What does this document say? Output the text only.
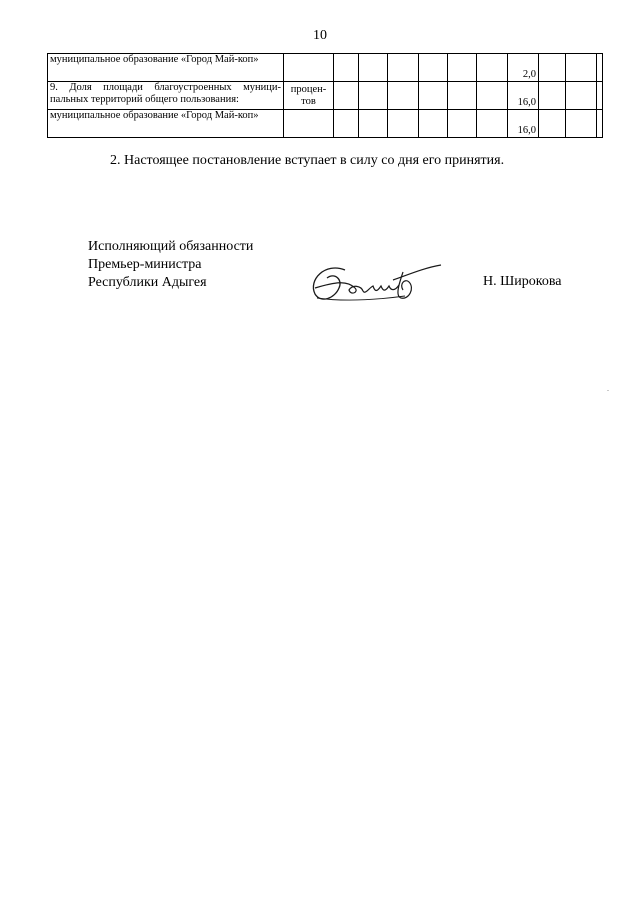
10
муниципальное образование «Город Май-коп»								2,0			
9. Доля площади благоустроенных муници-пальных территорий общего пользования:	процен-тов							16,0			
муниципальное образование «Город Май-коп»								16,0			
2. Настоящее постановление вступает в силу со дня его принятия.
Исполняющий обязанности
Премьер-министра
Республики Адыгея	Н. Широкова
.
